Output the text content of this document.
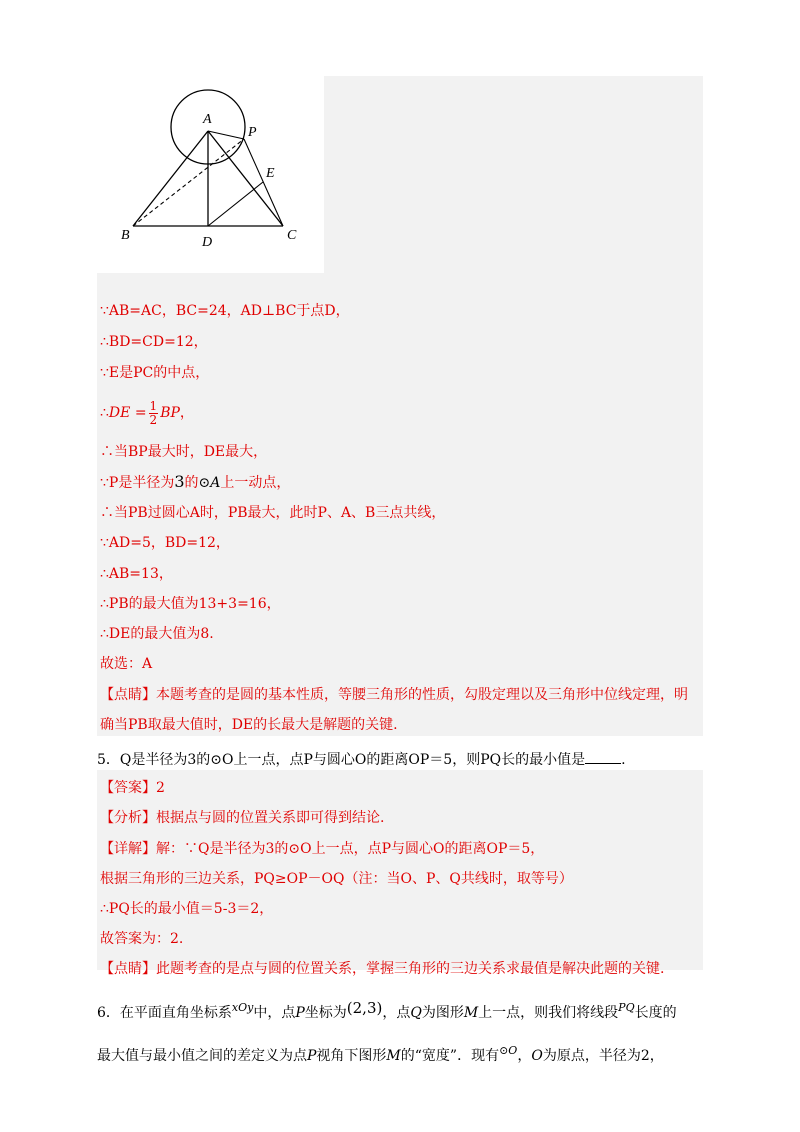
A
P
E
B	D	C
∵AB=AC，BC=24，AD⊥BC于点D，
∴BD=CD=12，
∵E是PC的中点，
∴DE = $\frac{1}{2}$ BP，
∴当BP最大时，DE最大，
∵P是半径为3的⊙A上一动点，
∴当PB过圆心A时，PB最大，此时P、A、B三点共线，
∵AD=5，BD=12，
∴AB=13，
∴PB的最大值为13+3=16，
∴DE的最大值为8.
故选：A
【点睛】本题考查的是圆的基本性质，等腰三角形的性质，勾股定理以及三角形中位线定理，明
确当PB取最大值时，DE的长最大是解题的关键.
5．Q是半径为3的⊙O上一点，点P与圆心O的距离OP＝5，则PQ长的最小值是	.
【答案】2
【分析】根据点与圆的位置关系即可得到结论.
【详解】解：∵Q是半径为3的⊙O上一点，点P与圆心O的距离OP＝5，
根据三角形的三边关系，PQ≥OP－OQ（注：当O、P、Q共线时，取等号）
∴PQ长的最小值＝5-3＝2，
故答案为：2.
【点睛】此题考查的是点与圆的位置关系，掌握三角形的三边关系求最值是解决此题的关键.
6．在平面直角坐标系$^{xOy}$中，点P坐标为(2,3)，点Q为图形M上一点，则我们将线段$^{PQ}$长度的
最大值与最小值之间的差定义为点P视角下图形M的“宽度”．现有$^{⊙O}$，O为原点，半径为2，
